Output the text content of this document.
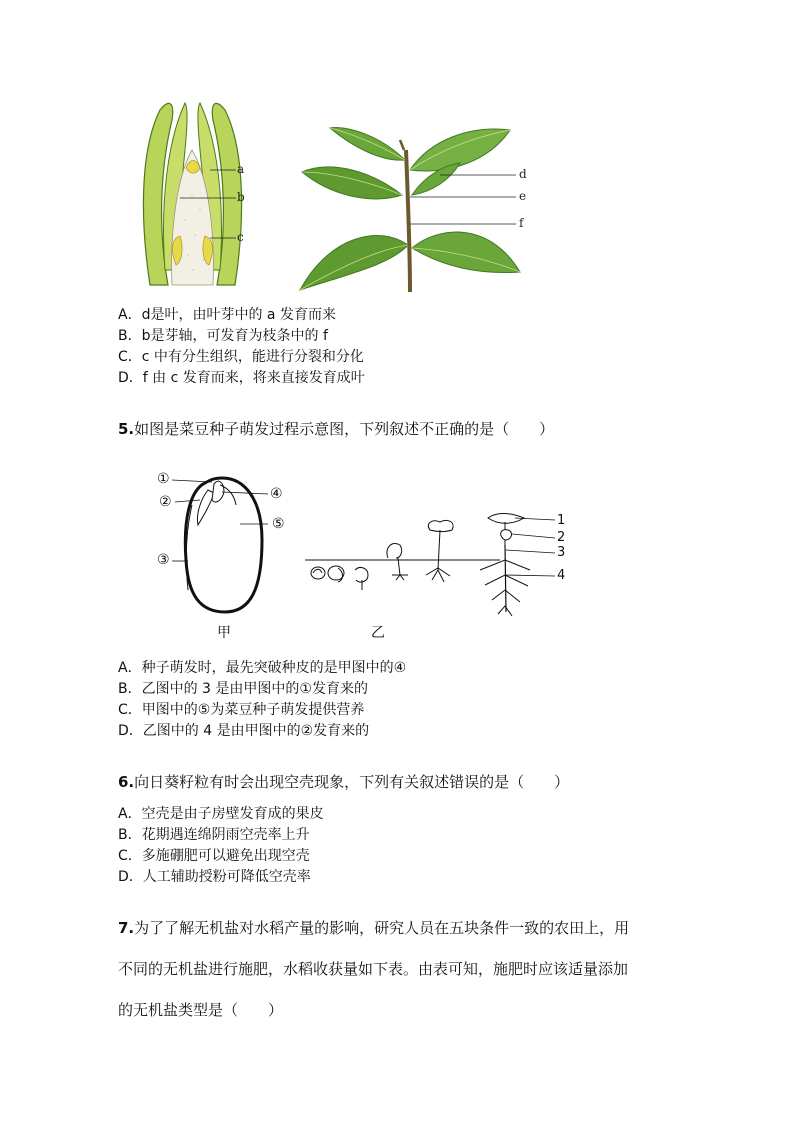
a
b
c
d
e
f
A．d是叶，由叶芽中的 a 发育而来
B．b是芽轴，可发育为枝条中的 f
C．c 中有分生组织，能进行分裂和分化
D．f 由 c 发育而来，将来直接发育成叶
5.如图是菜豆种子萌发过程示意图，下列叙述不正确的是（　　）
①
②
③
④
⑤
甲
1
2
3
4
乙
A．种子萌发时，最先突破种皮的是甲图中的④
B．乙图中的 3 是由甲图中的①发育来的
C．甲图中的⑤为菜豆种子萌发提供营养
D．乙图中的 4 是由甲图中的②发育来的
6.向日葵籽粒有时会出现空壳现象，下列有关叙述错误的是（　　）
A．空壳是由子房壁发育成的果皮
B．花期遇连绵阴雨空壳率上升
C．多施硼肥可以避免出现空壳
D．人工辅助授粉可降低空壳率
7.为了了解无机盐对水稻产量的影响，研究人员在五块条件一致的农田上，用
不同的无机盐进行施肥，水稻收获量如下表。由表可知，施肥时应该适量添加
的无机盐类型是（　　）
